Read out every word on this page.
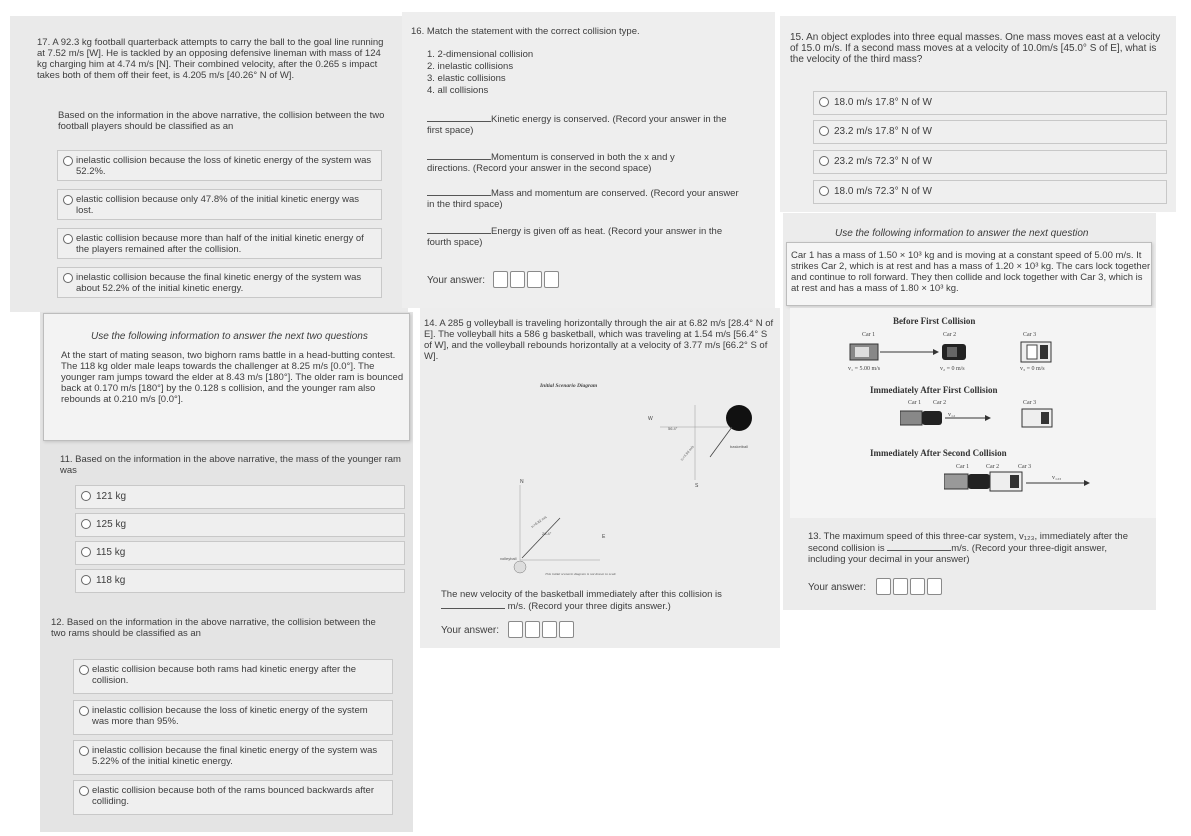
17. A 92.3 kg football quarterback attempts to carry the ball to the goal line running at 7.52 m/s [W]. He is tackled by an opposing defensive lineman with mass of 124 kg charging him at 4.74 m/s [N]. Their combined velocity, after the 0.265 s impact takes both of them off their feet, is 4.205 m/s [40.26° N of W].
Based on the information in the above narrative, the collision between the two football players should be classified as an
inelastic collision because the loss of kinetic energy of the system was 52.2%.
elastic collision because only 47.8% of the initial kinetic energy was lost.
elastic collision because more than half of the initial kinetic energy of the players remained after the collision.
inelastic collision because the final kinetic energy of the system was about 52.2% of the initial kinetic energy.
Use the following information to answer the next two questions
At the start of mating season, two bighorn rams battle in a head-butting contest. The 118 kg older male leaps towards the challenger at 8.25 m/s [0.0°]. The younger ram jumps toward the elder at 8.43 m/s [180°]. The older ram is bounced back at 0.170 m/s [180°] by the 0.128 s collision, and the younger ram also rebounds at 0.210 m/s [0.0°].
11. Based on the information in the above narrative, the mass of the younger ram was
121 kg
125 kg
115 kg
118 kg
12. Based on the information in the above narrative, the collision between the two rams should be classified as an
elastic collision because both rams had kinetic energy after the collision.
inelastic collision because the loss of kinetic energy of the system was more than 95%.
inelastic collision because the final kinetic energy of the system was 5.22% of the initial kinetic energy.
elastic collision because both of the rams bounced backwards after colliding.
16. Match the statement with the correct collision type.
1. 2-dimensional collision
2. inelastic collisions
3. elastic collisions
4. all collisions
Kinetic energy is conserved. (Record your answer in the
first space)
Momentum is conserved in both the x and y
directions. (Record your answer in the second space)
Mass and momentum are conserved. (Record your answer
in the third space)
Energy is given off as heat. (Record your answer in the
fourth space)
Your answer:
14. A 285 g volleyball is traveling horizontally through the air at 6.82 m/s [28.4° N of E]. The volleyball hits a 586 g basketball, which was traveling at 1.54 m/s [56.4° S of W], and the volleyball rebounds horizontally at a velocity of 3.77 m/s [66.2° S of W].
Initial Scenario Diagram
W
S
basketball
56.4°
v₂=1.54 m/s
N
E
v₁=6.82 m/s
28.4°
volleyball
This initial scenario diagram is not drawn to scale
The new velocity of the basketball immediately after this collision is
m/s. (Record your three digits answer.)
Your answer:
15. An object explodes into three equal masses. One mass moves east at a velocity of 15.0 m/s. If a second mass moves at a velocity of 10.0m/s [45.0° S of E], what is the velocity of the third mass?
18.0 m/s 17.8° N of W
23.2 m/s 17.8° N of W
23.2 m/s 72.3° N of W
18.0 m/s 72.3° N of W
Use the following information to answer the next question
Car 1 has a mass of 1.50 × 10³ kg and is moving at a constant speed of 5.00 m/s. It strikes Car 2, which is at rest and has a mass of 1.20 × 10³ kg. The cars lock together and continue to roll forward. They then collide and lock together with Car 3, which is at rest and has a mass of 1.80 × 10³ kg.
Before First Collision
Car 1	Car 2	Car 3
v₁ = 5.00 m/s	v₂ = 0 m/s	v₃ = 0 m/s
Immediately After First Collision
Car 1 Car 2	Car 3
v₁₂
Immediately After Second Collision
Car 1	Car 2	Car 3
v₁₂₃
13. The maximum speed of this three-car system, v₁₂₃, immediately after the
second collision is	m/s. (Record your three-digit answer,
including your decimal in your answer)
Your answer:
